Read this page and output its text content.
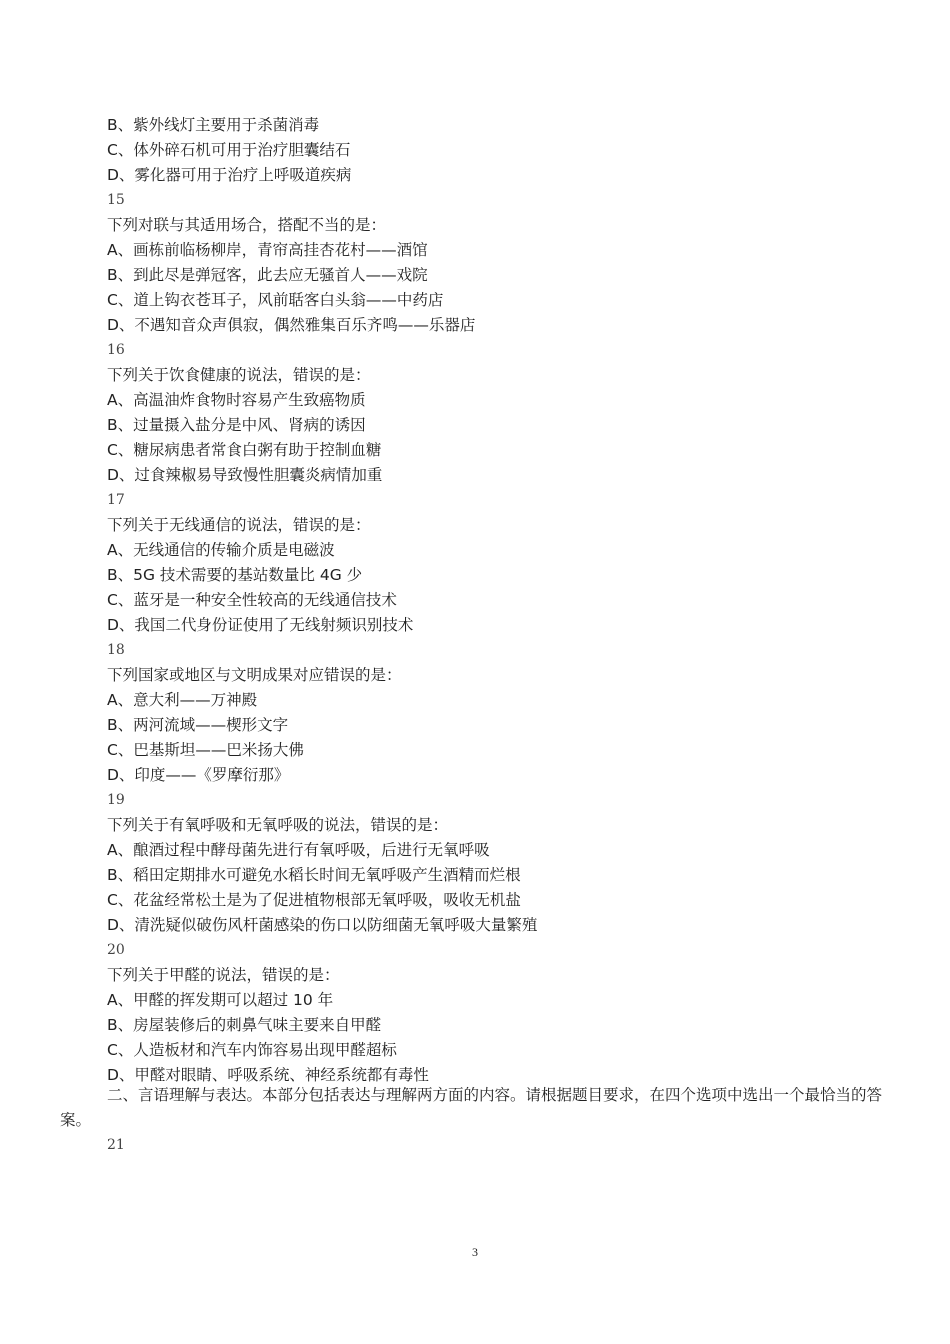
B、紫外线灯主要用于杀菌消毒
C、体外碎石机可用于治疗胆囊结石
D、雾化器可用于治疗上呼吸道疾病
15
下列对联与其适用场合，搭配不当的是：
A、画栋前临杨柳岸，青帘高挂杏花村——酒馆
B、到此尽是弹冠客，此去应无骚首人——戏院
C、道上钩衣苍耳子，风前聒客白头翁——中药店
D、不遇知音众声俱寂，偶然雅集百乐齐鸣——乐器店
16
下列关于饮食健康的说法，错误的是：
A、高温油炸食物时容易产生致癌物质
B、过量摄入盐分是中风、肾病的诱因
C、糖尿病患者常食白粥有助于控制血糖
D、过食辣椒易导致慢性胆囊炎病情加重
17
下列关于无线通信的说法，错误的是：
A、无线通信的传输介质是电磁波
B、5G 技术需要的基站数量比 4G 少
C、蓝牙是一种安全性较高的无线通信技术
D、我国二代身份证使用了无线射频识别技术
18
下列国家或地区与文明成果对应错误的是：
A、意大利——万神殿
B、两河流域——楔形文字
C、巴基斯坦——巴米扬大佛
D、印度——《罗摩衍那》
19
下列关于有氧呼吸和无氧呼吸的说法，错误的是：
A、酿酒过程中酵母菌先进行有氧呼吸，后进行无氧呼吸
B、稻田定期排水可避免水稻长时间无氧呼吸产生酒精而烂根
C、花盆经常松土是为了促进植物根部无氧呼吸，吸收无机盐
D、清洗疑似破伤风杆菌感染的伤口以防细菌无氧呼吸大量繁殖
20
下列关于甲醛的说法，错误的是：
A、甲醛的挥发期可以超过 10 年
B、房屋装修后的刺鼻气味主要来自甲醛
C、人造板材和汽车内饰容易出现甲醛超标
D、甲醛对眼睛、呼吸系统、神经系统都有毒性
二、言语理解与表达。本部分包括表达与理解两方面的内容。请根据题目要求，在四个选项中选出一个最恰当的答案。
21
3
